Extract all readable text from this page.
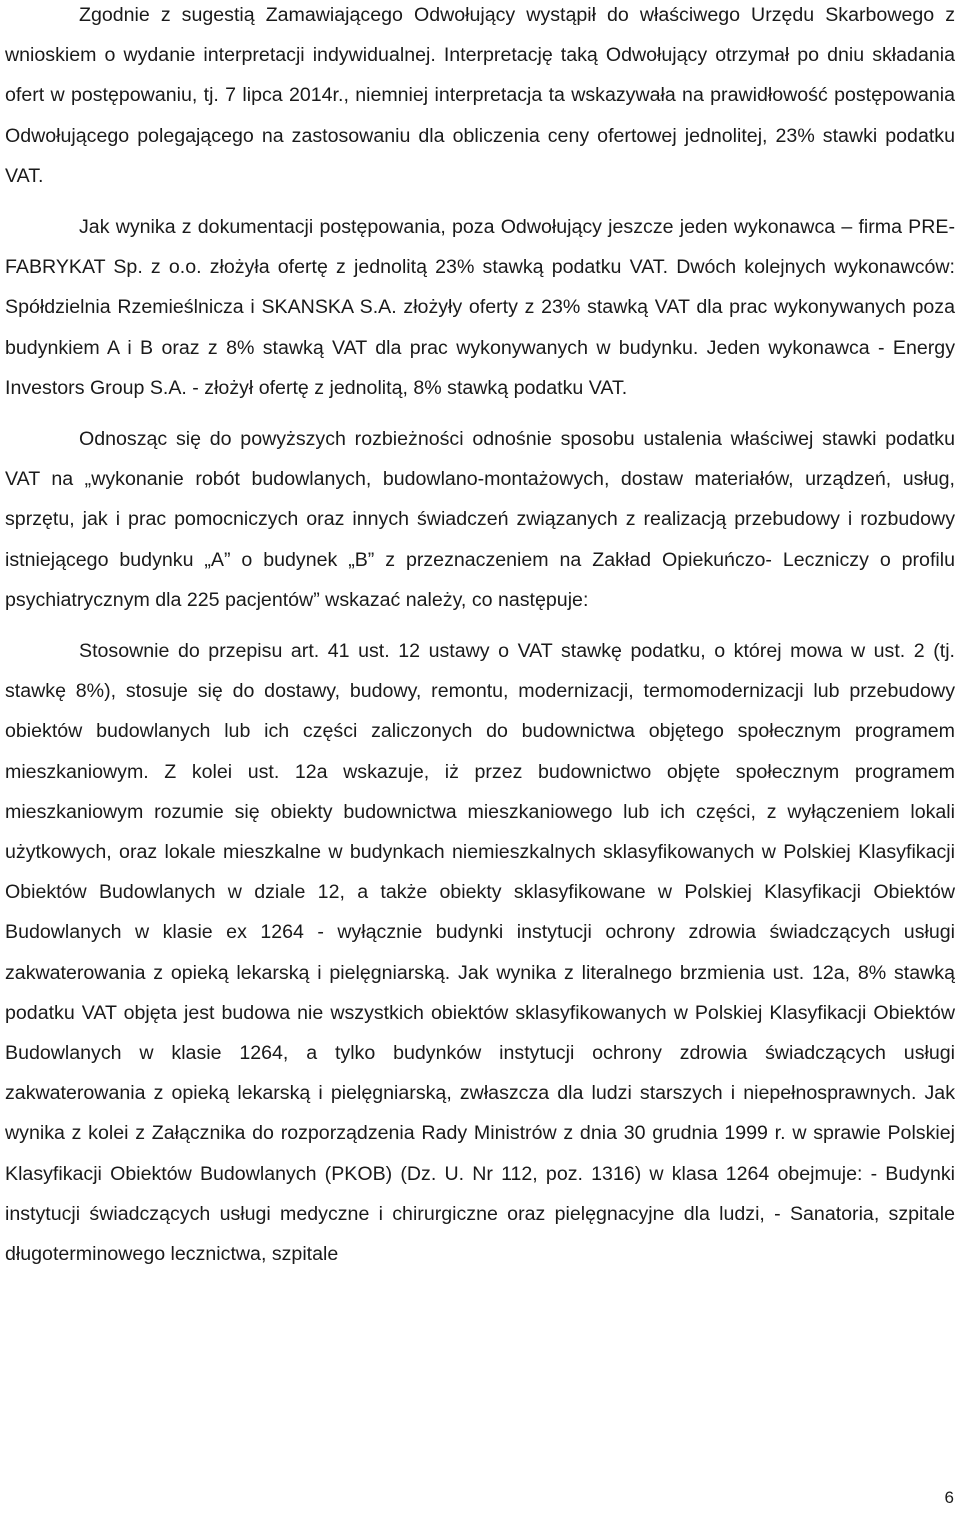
Zgodnie z sugestią Zamawiającego Odwołujący wystąpił do właściwego Urzędu Skarbowego z wnioskiem o wydanie interpretacji indywidualnej. Interpretację taką Odwołujący otrzymał po dniu składania ofert w postępowaniu, tj. 7 lipca 2014r., niemniej interpretacja ta wskazywała na prawidłowość postępowania Odwołującego polegającego na zastosowaniu dla obliczenia ceny ofertowej jednolitej, 23% stawki podatku VAT.

Jak wynika z dokumentacji postępowania, poza Odwołujący jeszcze jeden wykonawca – firma PRE-FABRYKAT Sp. z o.o. złożyła ofertę z jednolitą 23% stawką podatku VAT. Dwóch kolejnych wykonawców: Spółdzielnia Rzemieślnicza i SKANSKA S.A. złożyły oferty z 23% stawką VAT dla prac wykonywanych poza budynkiem A i B oraz z 8% stawką VAT dla prac wykonywanych w budynku. Jeden wykonawca - Energy Investors Group S.A. - złożył ofertę z jednolitą, 8% stawką podatku VAT.

Odnosząc się do powyższych rozbieżności odnośnie sposobu ustalenia właściwej stawki podatku VAT na „wykonanie robót budowlanych, budowlano-montażowych, dostaw materiałów, urządzeń, usług, sprzętu, jak i prac pomocniczych oraz innych świadczeń związanych z realizacją przebudowy i rozbudowy istniejącego budynku „A” o budynek „B” z przeznaczeniem na Zakład Opiekuńczo- Leczniczy o profilu psychiatrycznym dla 225 pacjentów” wskazać należy, co następuje:

Stosownie do przepisu art. 41 ust. 12 ustawy o VAT stawkę podatku, o której mowa w ust. 2 (tj. stawkę 8%), stosuje się do dostawy, budowy, remontu, modernizacji, termomodernizacji lub przebudowy obiektów budowlanych lub ich części zaliczonych do budownictwa objętego społecznym programem mieszkaniowym. Z kolei ust. 12a wskazuje, iż przez budownictwo objęte społecznym programem mieszkaniowym rozumie się obiekty budownictwa mieszkaniowego lub ich części, z wyłączeniem lokali użytkowych, oraz lokale mieszkalne w budynkach niemieszkalnych sklasyfikowanych w Polskiej Klasyfikacji Obiektów Budowlanych w dziale 12, a także obiekty sklasyfikowane w Polskiej Klasyfikacji Obiektów Budowlanych w klasie ex 1264 - wyłącznie budynki instytucji ochrony zdrowia świadczących usługi zakwaterowania z opieką lekarską i pielęgniarską. Jak wynika z literalnego brzmienia ust. 12a, 8% stawką podatku VAT objęta jest budowa nie wszystkich obiektów sklasyfikowanych w Polskiej Klasyfikacji Obiektów Budowlanych w klasie 1264, a tylko budynków instytucji ochrony zdrowia świadczących usługi zakwaterowania z opieką lekarską i pielęgniarską, zwłaszcza dla ludzi starszych i niepełnosprawnych. Jak wynika z kolei z Załącznika do rozporządzenia Rady Ministrów z dnia 30 grudnia 1999 r. w sprawie Polskiej Klasyfikacji Obiektów Budowlanych (PKOB) (Dz. U. Nr 112, poz. 1316) w klasa 1264 obejmuje: - Budynki instytucji świadczących usługi medyczne i chirurgiczne oraz pielęgnacyjne dla ludzi, - Sanatoria, szpitale długoterminowego lecznictwa, szpitale

6
